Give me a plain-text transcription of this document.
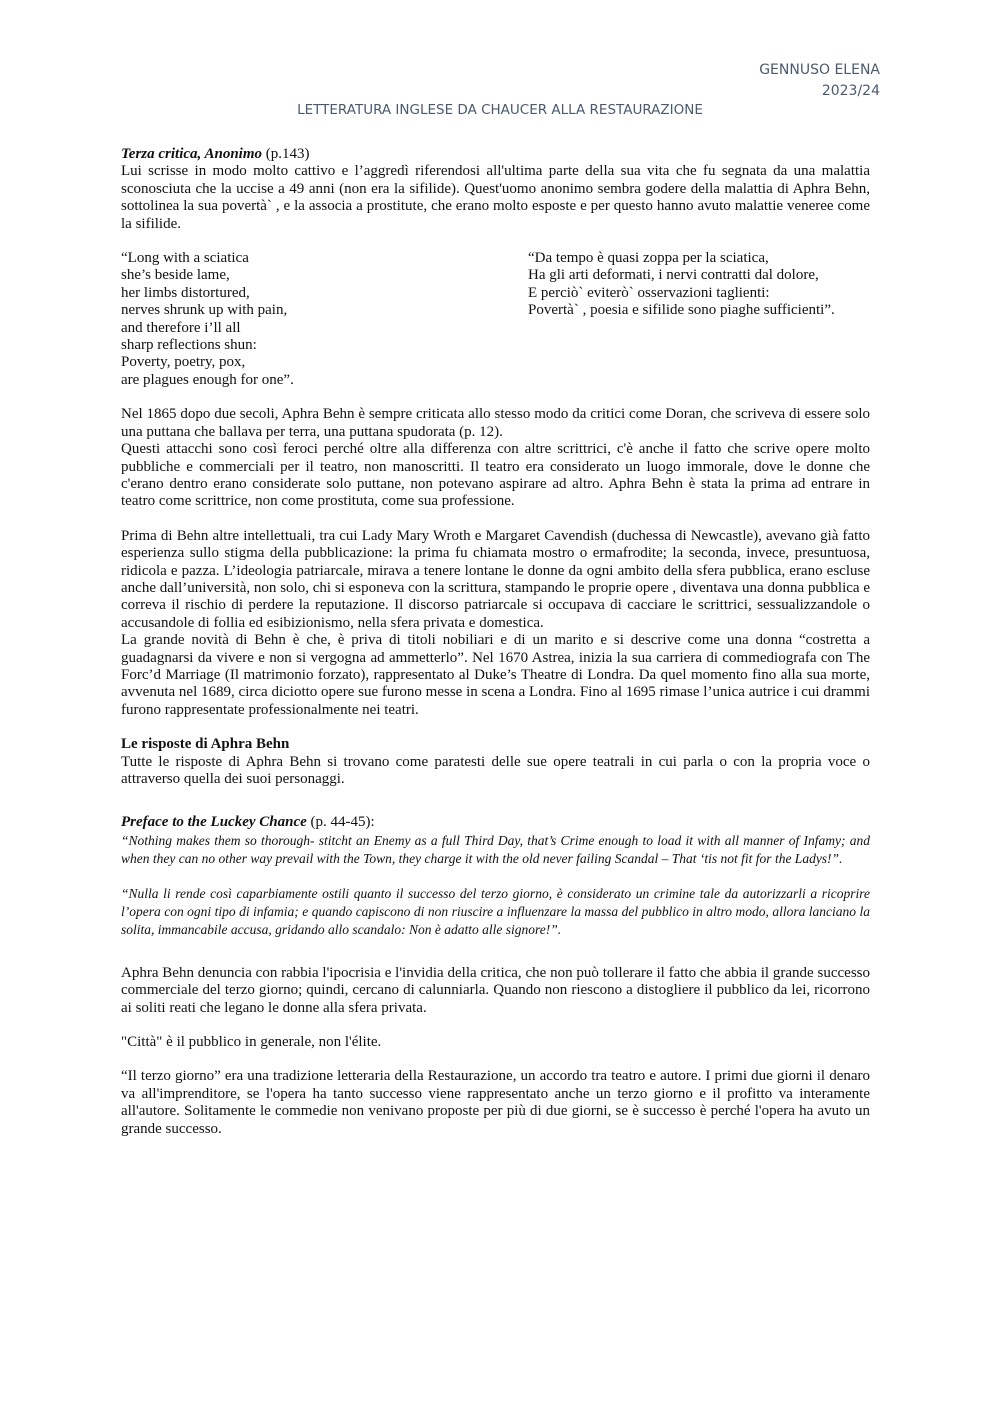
GENNUSO ELENA
2023/24
LETTERATURA INGLESE DA CHAUCER ALLA RESTAURAZIONE
Terza critica, Anonimo (p.143)

Lui scrisse in modo molto cattivo e l’aggredì riferendosi all'ultima parte della sua vita che fu segnata da una malattia sconosciuta che la uccise a 49 anni (non era la sifilide). Quest'uomo anonimo sembra godere della malattia di Aphra Behn, sottolinea la sua povertà` , e la associa a prostitute, che erano molto esposte e per questo hanno avuto malattie veneree come la sifilide.

“Long with a sciatica
she’s beside lame,
her limbs distortured,
nerves shrunk up with pain,
and therefore i’ll all
sharp reflections shun:
Poverty, poetry, pox,
are plagues enough for one”.
“Da tempo è quasi zoppa per la sciatica,
Ha gli arti deformati, i nervi contratti dal dolore,
E perciò` eviterò` osservazioni taglienti:
Povertà` , poesia e sifilide sono piaghe sufficienti”.

Nel 1865 dopo due secoli, Aphra Behn è sempre criticata allo stesso modo da critici come Doran, che scriveva di essere solo una puttana che ballava per terra, una puttana spudorata (p. 12).

Questi attacchi sono così feroci perché oltre alla differenza con altre scrittrici, c'è anche il fatto che scrive opere molto pubbliche e commerciali per il teatro, non manoscritti. Il teatro era considerato un luogo immorale, dove le donne che c'erano dentro erano considerate solo puttane, non potevano aspirare ad altro. Aphra Behn è stata la prima ad entrare in teatro come scrittrice, non come prostituta, come sua professione.

Prima di Behn altre intellettuali, tra cui Lady Mary Wroth e Margaret Cavendish (duchessa di Newcastle), avevano già fatto esperienza sullo stigma della pubblicazione: la prima fu chiamata mostro o ermafrodite; la seconda, invece, presuntuosa, ridicola e pazza. L’ideologia patriarcale, mirava a tenere lontane le donne da ogni ambito della sfera pubblica, erano escluse anche dall’università, non solo, chi si esponeva con la scrittura, stampando le proprie opere , diventava una donna pubblica e correva il rischio di perdere la reputazione. Il discorso patriarcale si occupava di cacciare le scrittrici, sessualizzandole o accusandole di follia ed esibizionismo, nella sfera privata e domestica.

La grande novità di Behn è che, è priva di titoli nobiliari e di un marito e si descrive come una donna “costretta a guadagnarsi da vivere e non si vergogna ad ammetterlo”. Nel 1670 Astrea, inizia la sua carriera di commediografa con The Forc’d Marriage (Il matrimonio forzato), rappresentato al Duke’s Theatre di Londra. Da quel momento fino alla sua morte, avvenuta nel 1689, circa diciotto opere sue furono messe in scena a Londra. Fino al 1695 rimase l’unica autrice i cui drammi furono rappresentate professionalmente nei teatri.

Le risposte di Aphra Behn

Tutte le risposte di Aphra Behn si trovano come paratesti delle sue opere teatrali in cui parla o con la propria voce o attraverso quella dei suoi personaggi.

Preface to the Luckey Chance (p. 44-45):

“Nothing makes them so thorough- stitcht an Enemy as a full Third Day, that’s Crime enough to load it with all manner of Infamy; and when they can no other way prevail with the Town, they charge it with the old never failing Scandal – That ‘tis not fit for the Ladys!”.

“Nulla li rende così caparbiamente ostili quanto il successo del terzo giorno, è considerato un crimine tale da autorizzarli a ricoprire l’opera con ogni tipo di infamia; e quando capiscono di non riuscire a influenzare la massa del pubblico in altro modo, allora lanciano la solita, immancabile accusa, gridando allo scandalo: Non è adatto alle signore!”.

Aphra Behn denuncia con rabbia l'ipocrisia e l'invidia della critica, che non può tollerare il fatto che abbia il grande successo commerciale del terzo giorno; quindi, cercano di calunniarla. Quando non riescono a distogliere il pubblico da lei, ricorrono ai soliti reati che legano le donne alla sfera privata.

"Città" è il pubblico in generale, non l'élite.

“Il terzo giorno” era una tradizione letteraria della Restaurazione, un accordo tra teatro e autore. I primi due giorni il denaro va all'imprenditore, se l'opera ha tanto successo viene rappresentato anche un terzo giorno e il profitto va interamente all'autore. Solitamente le commedie non venivano proposte per più di due giorni, se è successo è perché l'opera ha avuto un grande successo.
